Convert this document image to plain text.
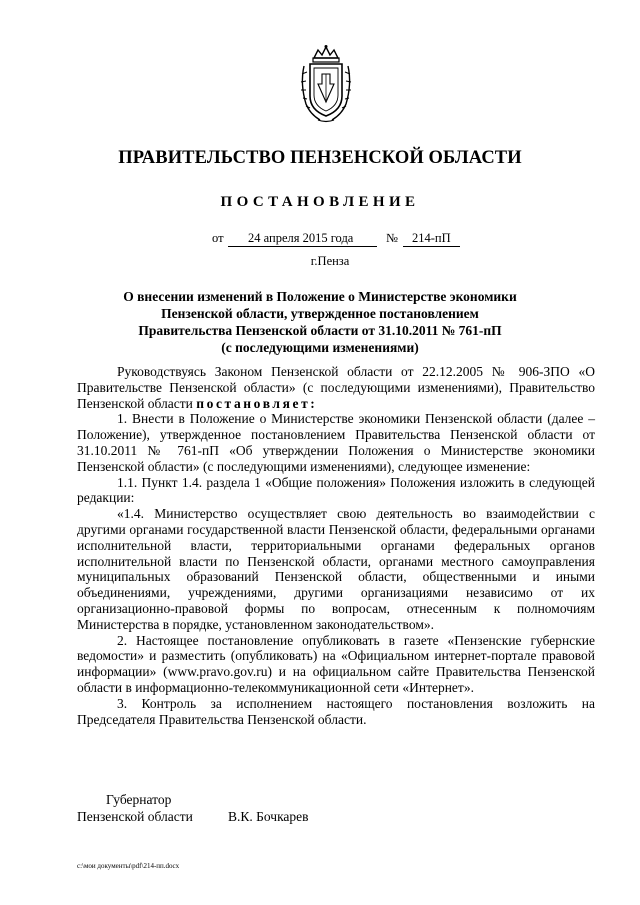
ПРАВИТЕЛЬСТВО ПЕНЗЕНСКОЙ ОБЛАСТИ
ПОСТАНОВЛЕНИЕ
от 24 апреля 2015 года	№ 214-пП
г.Пенза
О внесении изменений в Положение о Министерстве экономики
Пензенской области, утвержденное постановлением
Правительства Пензенской области от 31.10.2011 № 761-пП
(с последующими изменениями)

Руководствуясь Законом Пензенской области от 22.12.2005 № 906-ЗПО «О Правительстве Пензенской области» (с последующими изменениями), Правительство Пензенской области постановляет:

1. Внести в Положение о Министерстве экономики Пензенской области (далее – Положение), утвержденное постановлением Правительства Пензенской области от 31.10.2011 № 761-пП «Об утверждении Положения о Министерстве экономики Пензенской области» (с последующими изменениями), следующее изменение:

1.1. Пункт 1.4. раздела 1 «Общие положения» Положения изложить в следующей редакции:

«1.4. Министерство осуществляет свою деятельность во взаимодействии с другими органами государственной власти Пензенской области, федеральными органами исполнительной власти, территориальными органами федеральных органов исполнительной власти по Пензенской области, органами местного самоуправления муниципальных образований Пензенской области, общественными и иными объединениями, учреждениями, другими организациями независимо от их организационно-правовой формы по вопросам, отнесенным к полномочиям Министерства в порядке, установленном законодательством».

2. Настоящее постановление опубликовать в газете «Пензенские губернские ведомости» и разместить (опубликовать) на «Официальном интернет-портале правовой информации» (www.pravo.gov.ru) и на официальном сайте Правительства Пензенской области в информационно-телекоммуникационной сети «Интернет».

3. Контроль за исполнением настоящего постановления возложить на Председателя Правительства Пензенской области.

Губернатор
Пензенской области	В.К. Бочкарев
c:\мои документы\pdf\214-пп.docx
